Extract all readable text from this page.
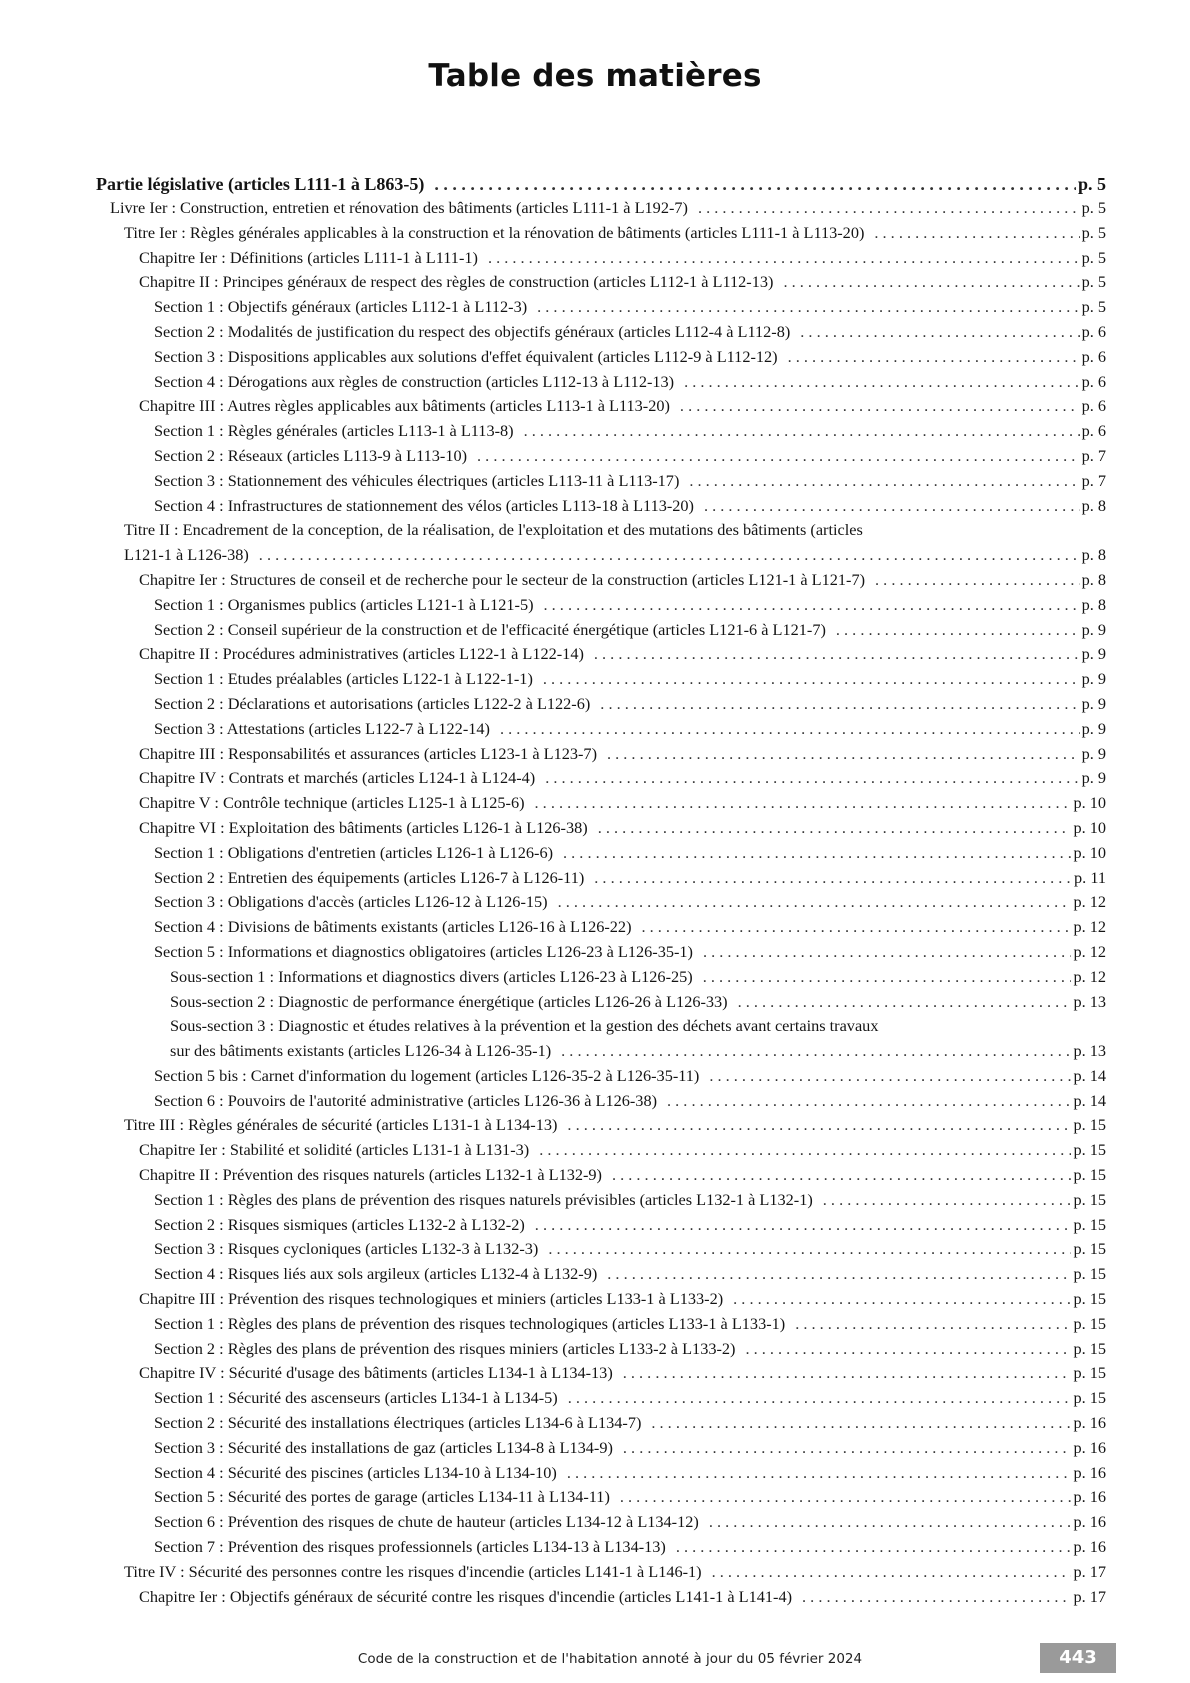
Table des matières
Partie législative (articles L111-1 à L863-5) . . .	p. 5
Livre Ier : Construction, entretien et rénovation des bâtiments (articles L111-1 à L192-7) . . .	p. 5
Titre Ier : Règles générales applicables à la construction et la rénovation de bâtiments (articles L111-1 à L113-20) . . .	p. 5
Chapitre Ier : Définitions (articles L111-1 à L111-1) . . .	p. 5
Chapitre II : Principes généraux de respect des règles de construction (articles L112-1 à L112-13) . . .	p. 5
Section 1 : Objectifs généraux (articles L112-1 à L112-3) . . .	p. 5
Section 2 : Modalités de justification du respect des objectifs généraux (articles L112-4 à L112-8) . . .	p. 6
Section 3 : Dispositions applicables aux solutions d'effet équivalent (articles L112-9 à L112-12) . . .	p. 6
Section 4 : Dérogations aux règles de construction (articles L112-13 à L112-13) . . .	p. 6
Chapitre III : Autres règles applicables aux bâtiments (articles L113-1 à L113-20) . . .	p. 6
Section 1 : Règles générales (articles L113-1 à L113-8) . . .	p. 6
Section 2 : Réseaux (articles L113-9 à L113-10) . . .	p. 7
Section 3 : Stationnement des véhicules électriques (articles L113-11 à L113-17) . . .	p. 7
Section 4 : Infrastructures de stationnement des vélos (articles L113-18 à L113-20) . . .	p. 8
Titre II : Encadrement de la conception, de la réalisation, de l'exploitation et des mutations des bâtiments (articles
L121-1 à L126-38) . . .	p. 8
Chapitre Ier : Structures de conseil et de recherche pour le secteur de la construction (articles L121-1 à L121-7) . . .	p. 8
Section 1 : Organismes publics (articles L121-1 à L121-5) . . .	p. 8
Section 2 : Conseil supérieur de la construction et de l'efficacité énergétique (articles L121-6 à L121-7) . . .	p. 9
Chapitre II : Procédures administratives (articles L122-1 à L122-14) . . .	p. 9
Section 1 : Etudes préalables (articles L122-1 à L122-1-1) . . .	p. 9
Section 2 : Déclarations et autorisations (articles L122-2 à L122-6) . . .	p. 9
Section 3 : Attestations (articles L122-7 à L122-14) . . .	p. 9
Chapitre III : Responsabilités et assurances (articles L123-1 à L123-7) . . .	p. 9
Chapitre IV : Contrats et marchés (articles L124-1 à L124-4) . . .	p. 9
Chapitre V : Contrôle technique (articles L125-1 à L125-6) . . .	p. 10
Chapitre VI : Exploitation des bâtiments (articles L126-1 à L126-38) . . .	p. 10
Section 1 : Obligations d'entretien (articles L126-1 à L126-6) . . .	p. 10
Section 2 : Entretien des équipements (articles L126-7 à L126-11) . . .	p. 11
Section 3 : Obligations d'accès (articles L126-12 à L126-15) . . .	p. 12
Section 4 : Divisions de bâtiments existants (articles L126-16 à L126-22) . . .	p. 12
Section 5 : Informations et diagnostics obligatoires (articles L126-23 à L126-35-1) . . .	p. 12
Sous-section 1 : Informations et diagnostics divers (articles L126-23 à L126-25) . . .	p. 12
Sous-section 2 : Diagnostic de performance énergétique (articles L126-26 à L126-33) . . .	p. 13
Sous-section 3 : Diagnostic et études relatives à la prévention et la gestion des déchets avant certains travaux
sur des bâtiments existants (articles L126-34 à L126-35-1) . . .	p. 13
Section 5 bis : Carnet d'information du logement (articles L126-35-2 à L126-35-11) . . .	p. 14
Section 6 : Pouvoirs de l'autorité administrative (articles L126-36 à L126-38) . . .	p. 14
Titre III : Règles générales de sécurité (articles L131-1 à L134-13) . . .	p. 15
Chapitre Ier : Stabilité et solidité (articles L131-1 à L131-3) . . .	p. 15
Chapitre II : Prévention des risques naturels (articles L132-1 à L132-9) . . .	p. 15
Section 1 : Règles des plans de prévention des risques naturels prévisibles (articles L132-1 à L132-1) . . .	p. 15
Section 2 : Risques sismiques (articles L132-2 à L132-2) . . .	p. 15
Section 3 : Risques cycloniques (articles L132-3 à L132-3) . . .	p. 15
Section 4 : Risques liés aux sols argileux (articles L132-4 à L132-9) . . .	p. 15
Chapitre III : Prévention des risques technologiques et miniers (articles L133-1 à L133-2) . . .	p. 15
Section 1 : Règles des plans de prévention des risques technologiques (articles L133-1 à L133-1) . . .	p. 15
Section 2 : Règles des plans de prévention des risques miniers (articles L133-2 à L133-2) . . .	p. 15
Chapitre IV : Sécurité d'usage des bâtiments (articles L134-1 à L134-13) . . .	p. 15
Section 1 : Sécurité des ascenseurs (articles L134-1 à L134-5) . . .	p. 15
Section 2 : Sécurité des installations électriques (articles L134-6 à L134-7) . . .	p. 16
Section 3 : Sécurité des installations de gaz (articles L134-8 à L134-9) . . .	p. 16
Section 4 : Sécurité des piscines (articles L134-10 à L134-10) . . .	p. 16
Section 5 : Sécurité des portes de garage (articles L134-11 à L134-11) . . .	p. 16
Section 6 : Prévention des risques de chute de hauteur (articles L134-12 à L134-12) . . .	p. 16
Section 7 : Prévention des risques professionnels (articles L134-13 à L134-13) . . .	p. 16
Titre IV : Sécurité des personnes contre les risques d'incendie (articles L141-1 à L146-1) . . .	p. 17
Chapitre Ier : Objectifs généraux de sécurité contre les risques d'incendie (articles L141-1 à L141-4) . . .	p. 17
Code de la construction et de l'habitation annoté à jour du 05 février 2024	443
